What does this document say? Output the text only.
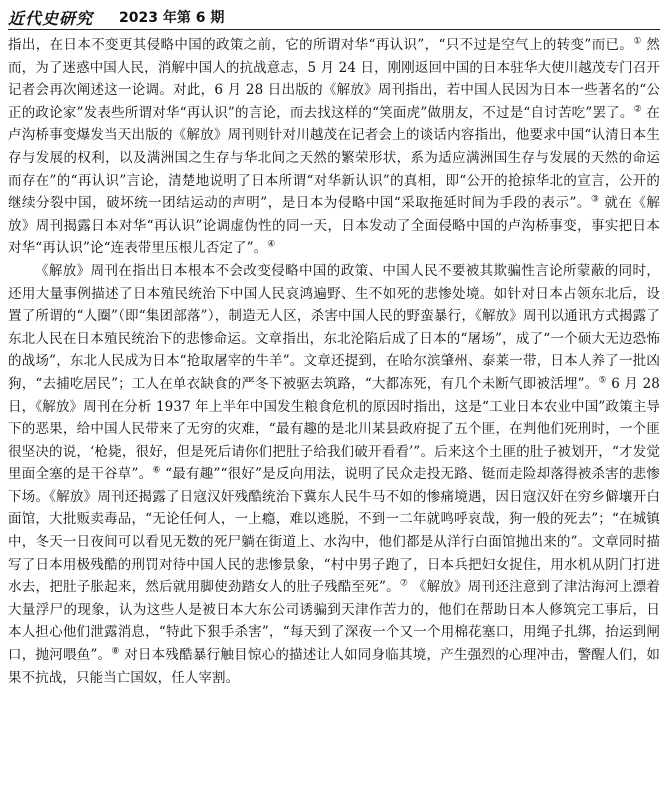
近代史研究 2023 年第 6 期

指出，在日本不变更其侵略中国的政策之前，它的所谓对华“再认识”，“只不过是空气上的转变”而已。① 然而，为了迷惑中国人民，消解中国人的抗战意志，5 月 24 日，刚刚返回中国的日本驻华大使川越茂专门召开记者会再次阐述这一论调。对此，6 月 28 日出版的《解放》周刊指出，若中国人民因为日本一些著名的“公正的政论家”发表些所谓对华“再认识”的言论，而去找这样的“笑面虎”做朋友，不过是“自讨苦吃”罢了。② 在卢沟桥事变爆发当天出版的《解放》周刊则针对川越茂在记者会上的谈话内容指出，他要求中国“认清日本生存与发展的权利，以及满洲国之生存与华北间之天然的繁荣形状，系为适应满洲国生存与发展的天然的命运而存在”的“再认识”言论，清楚地说明了日本所谓“对华新认识”的真相，即“公开的抢掠华北的宣言，公开的继续分裂中国，破坏统一团结运动的声明”，是日本为侵略中国“采取拖延时间为手段的表示”。③ 就在《解放》周刊揭露日本对华“再认识”论调虚伪性的同一天，日本发动了全面侵略中国的卢沟桥事变，事实把日本对华“再认识”论“连表带里压根儿否定了”。④

《解放》周刊在指出日本根本不会改变侵略中国的政策、中国人民不要被其欺骗性言论所蒙蔽的同时，还用大量事例描述了日本殖民统治下中国人民哀鸿遍野、生不如死的悲惨处境。如针对日本占领东北后，设置了所谓的“人圈”（即“集团部落”），制造无人区，杀害中国人民的野蛮暴行，《解放》周刊以通讯方式揭露了东北人民在日本殖民统治下的悲惨命运。文章指出，东北沦陷后成了日本的“屠场”，成了“一个硕大无边恐怖的战场”，东北人民成为日本“抢取屠宰的牛羊”。文章还提到，在哈尔滨肇州、泰莱一带，日本人养了一批凶狗，“去捕吃居民”；工人在单衣缺食的严冬下被驱去筑路，“大都冻死，有几个未断气即被活埋”。⑤ 6 月 28 日，《解放》周刊在分析 1937 年上半年中国发生粮食危机的原因时指出，这是“工业日本农业中国”政策主导下的恶果，给中国人民带来了无穷的灾难，“最有趣的是北川某县政府捉了五个匪，在判他们死刑时，一个匪很坚决的说，‘枪毙，很好，但是死后请你们把肚子给我们破开看看’”。后来这个土匪的肚子被划开，“才发觉里面全塞的是干谷草”。⑥ “最有趣”“很好”是反向用法，说明了民众走投无路、铤而走险却落得被杀害的悲惨下场。《解放》周刊还揭露了日寇汉奸残酷统治下冀东人民牛马不如的惨痛境遇，因日寇汉奸在穷乡僻壤开白面馆，大批贩卖毒品，“无论任何人，一上瘾，难以逃脱，不到一二年就鸣呼哀哉，狗一般的死去”；“在城镇中，冬天一日夜间可以看见无数的死尸躺在街道上、水沟中，他们都是从洋行白面馆抛出来的”。文章同时描写了日本用极残酷的刑罚对待中国人民的悲惨景象，“村中男子跑了，日本兵把妇女捉住，用水机从阴门打进水去，把肚子胀起来，然后就用脚使劲踏女人的肚子残酷至死”。⑦ 《解放》周刊还注意到了津沽海河上漂着大量浮尸的现象，认为这些人是被日本大东公司诱骗到天津作苦力的，他们在帮助日本人修筑完工事后，日本人担心他们泄露消息，“特此下狠手杀害”，“每天到了深夜一个又一个用棉花塞口，用绳子扎绑，抬运到闸口，抛河喂鱼”。⑧ 对日本残酷暴行触目惊心的描述让人如同身临其境，产生强烈的心理冲击，警醒人们，如果不抗战，只能当亡国奴，任人宰割。
